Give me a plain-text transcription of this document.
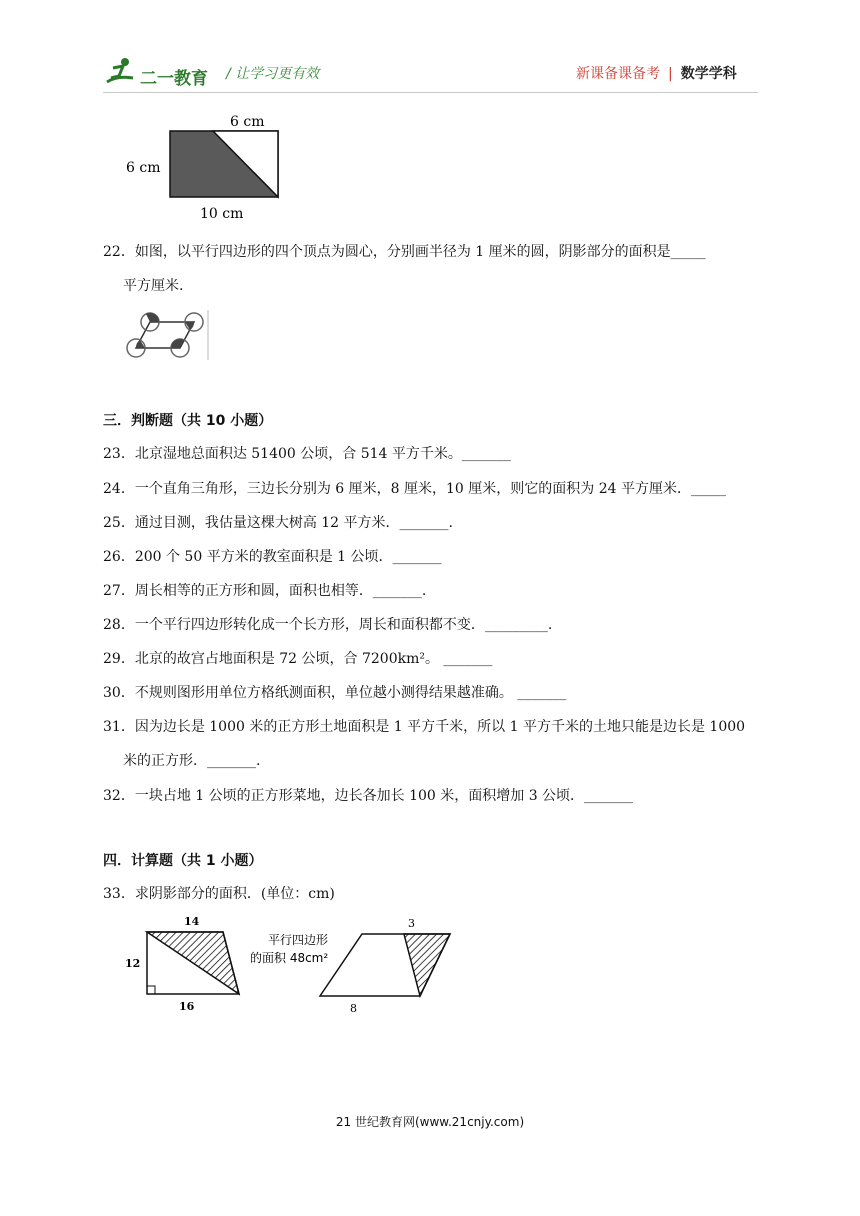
二一教育 / 让学习更有效	新课备课备考 | 数学学科
6 cm
6 cm
10 cm
22．如图，以平行四边形的四个顶点为圆心，分别画半径为 1 厘米的圆，阴影部分的面积是_____
平方厘米.
三．判断题（共 10 小题）
23．北京湿地总面积达 51400 公顷，合 514 平方千米。_______
24．一个直角三角形，三边长分别为 6 厘米，8 厘米，10 厘米，则它的面积为 24 平方厘米．_____
25．通过目测，我估量这棵大树高 12 平方米．_______.
26．200 个 50 平方米的教室面积是 1 公顷．_______
27．周长相等的正方形和圆，面积也相等．_______.
28．一个平行四边形转化成一个长方形，周长和面积都不变．_________.
29．北京的故宫占地面积是 72 公顷，合 7200km²。 _______
30．不规则图形用单位方格纸测面积，单位越小测得结果越准确。 _______
31．因为边长是 1000 米的正方形土地面积是 1 平方千米，所以 1 平方千米的土地只能是边长是 1000
米的正方形．_______.
32．一块占地 1 公顷的正方形菜地，边长各加长 100 米，面积增加 3 公顷．_______
四．计算题（共 1 小题）
33．求阴影部分的面积．(单位：cm)
14
12
16
平行四边形
的面积 48cm²
3
8
21 世纪教育网(www.21cnjy.com)
